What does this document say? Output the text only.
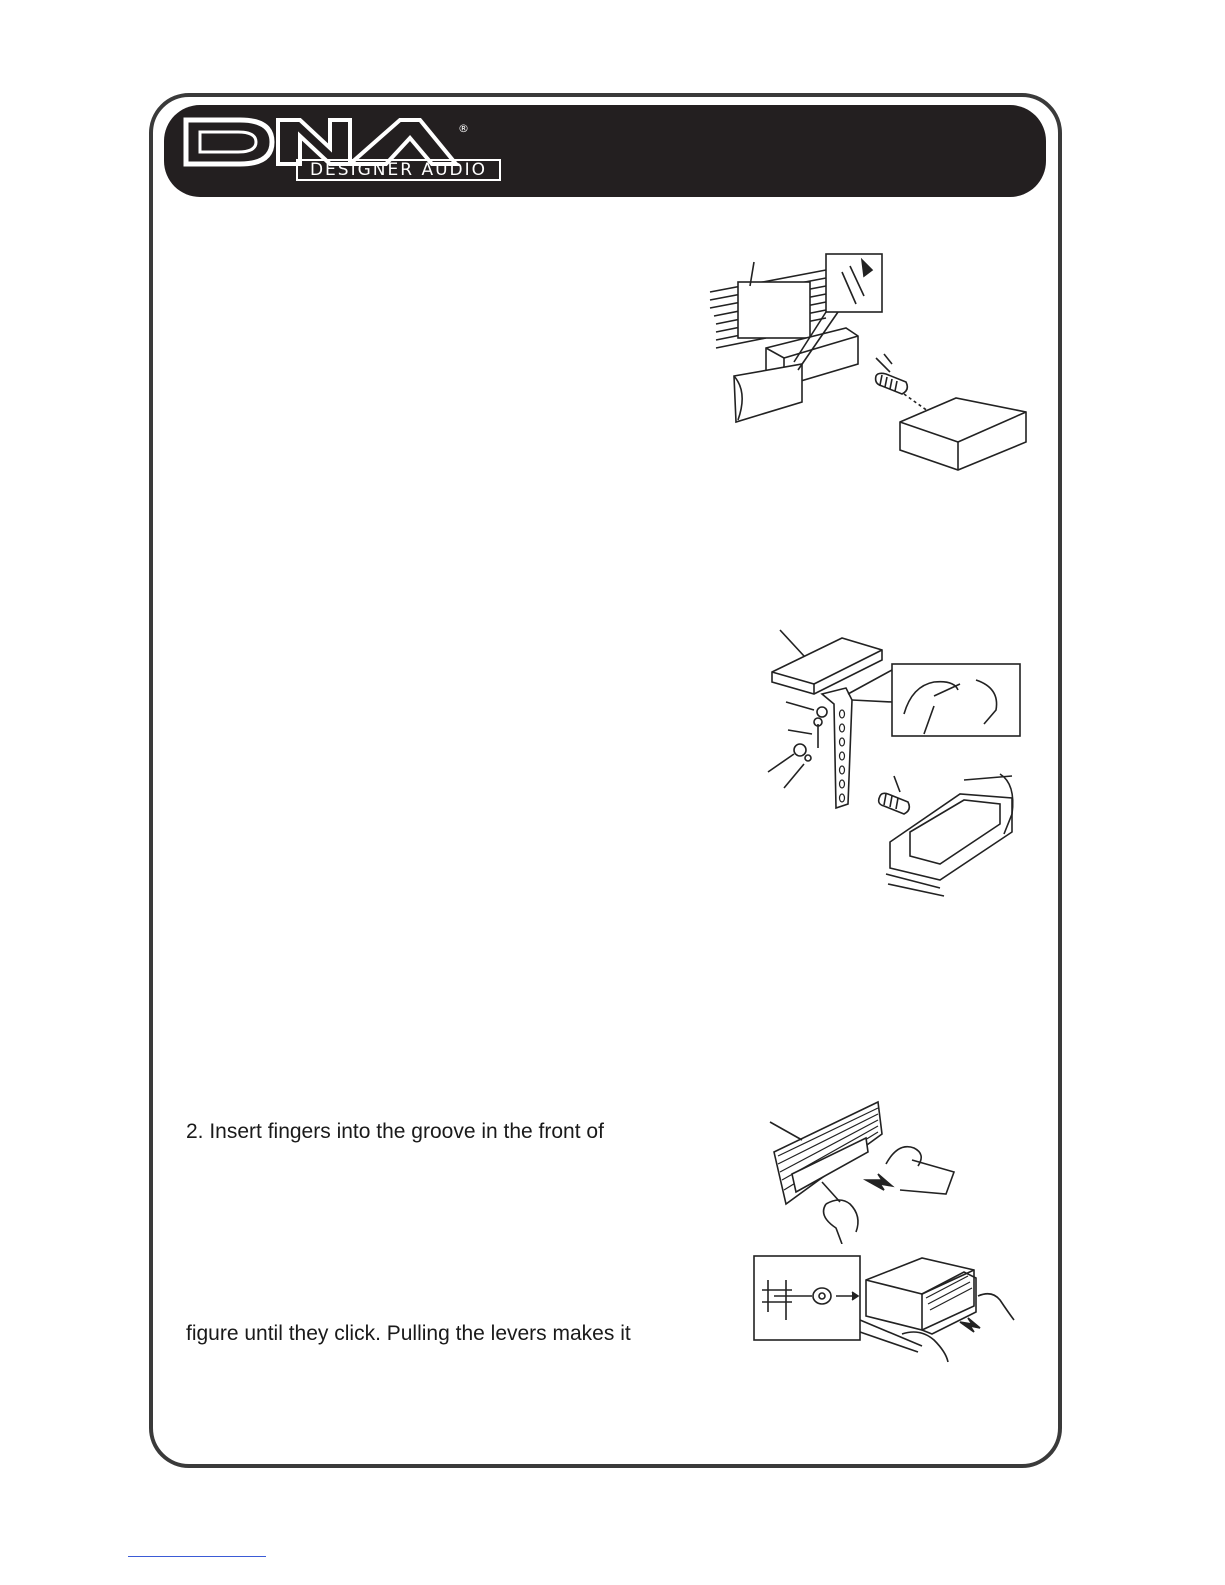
®
DESIGNER AUDIO
2. Insert fingers into the groove in the front of
figure until they click. Pulling the levers makes it
